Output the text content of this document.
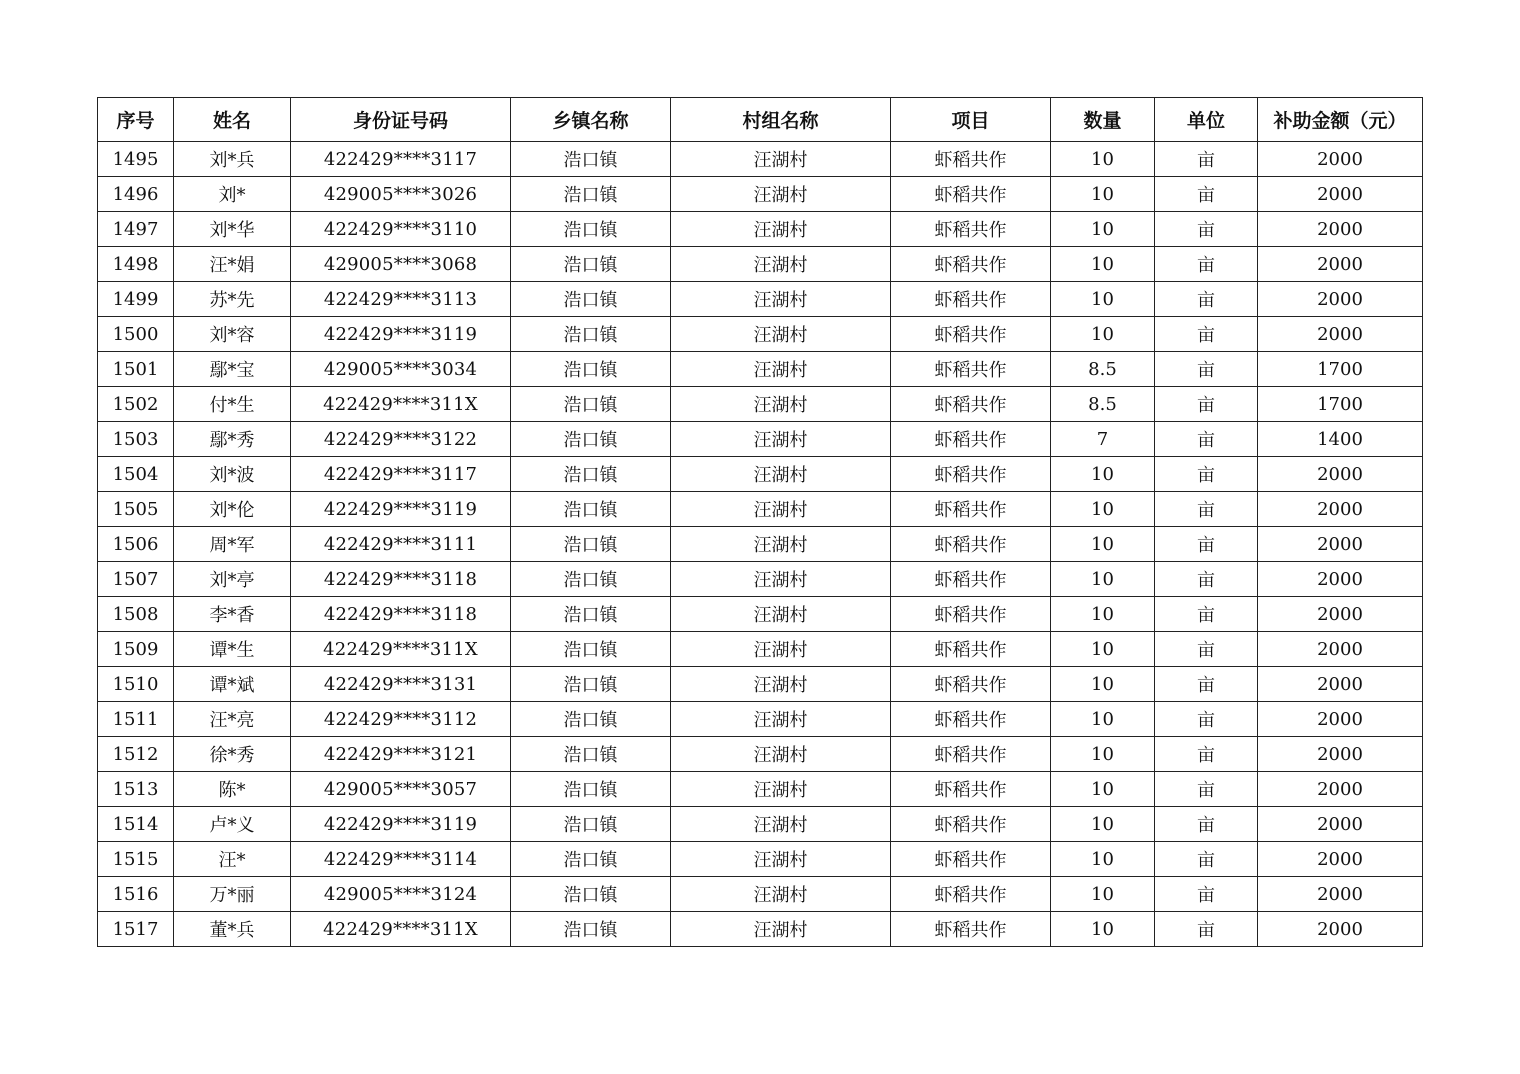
序号	姓名	身份证号码	乡镇名称	村组名称	项目	数量	单位	补助金额（元）
1495	刘*兵	422429****3117	浩口镇	汪湖村	虾稻共作	10	亩	2000
1496	刘*	429005****3026	浩口镇	汪湖村	虾稻共作	10	亩	2000
1497	刘*华	422429****3110	浩口镇	汪湖村	虾稻共作	10	亩	2000
1498	汪*娟	429005****3068	浩口镇	汪湖村	虾稻共作	10	亩	2000
1499	苏*先	422429****3113	浩口镇	汪湖村	虾稻共作	10	亩	2000
1500	刘*容	422429****3119	浩口镇	汪湖村	虾稻共作	10	亩	2000
1501	鄢*宝	429005****3034	浩口镇	汪湖村	虾稻共作	8.5	亩	1700
1502	付*生	422429****311X	浩口镇	汪湖村	虾稻共作	8.5	亩	1700
1503	鄢*秀	422429****3122	浩口镇	汪湖村	虾稻共作	7	亩	1400
1504	刘*波	422429****3117	浩口镇	汪湖村	虾稻共作	10	亩	2000
1505	刘*伦	422429****3119	浩口镇	汪湖村	虾稻共作	10	亩	2000
1506	周*军	422429****3111	浩口镇	汪湖村	虾稻共作	10	亩	2000
1507	刘*亭	422429****3118	浩口镇	汪湖村	虾稻共作	10	亩	2000
1508	李*香	422429****3118	浩口镇	汪湖村	虾稻共作	10	亩	2000
1509	谭*生	422429****311X	浩口镇	汪湖村	虾稻共作	10	亩	2000
1510	谭*斌	422429****3131	浩口镇	汪湖村	虾稻共作	10	亩	2000
1511	汪*亮	422429****3112	浩口镇	汪湖村	虾稻共作	10	亩	2000
1512	徐*秀	422429****3121	浩口镇	汪湖村	虾稻共作	10	亩	2000
1513	陈*	429005****3057	浩口镇	汪湖村	虾稻共作	10	亩	2000
1514	卢*义	422429****3119	浩口镇	汪湖村	虾稻共作	10	亩	2000
1515	汪*	422429****3114	浩口镇	汪湖村	虾稻共作	10	亩	2000
1516	万*丽	429005****3124	浩口镇	汪湖村	虾稻共作	10	亩	2000
1517	董*兵	422429****311X	浩口镇	汪湖村	虾稻共作	10	亩	2000
